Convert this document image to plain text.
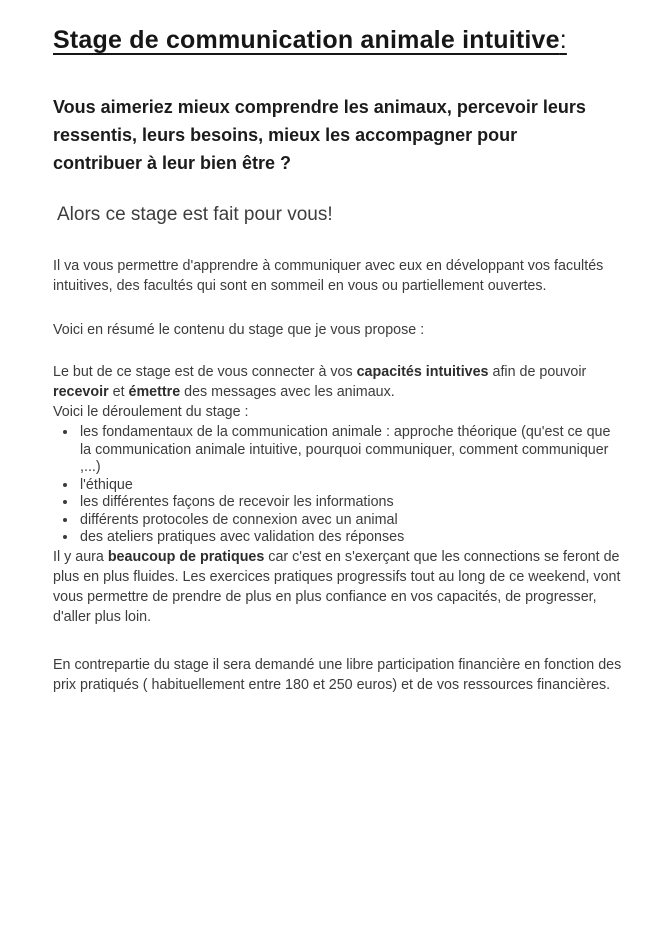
Stage de communication animale intuitive:

Vous aimeriez mieux comprendre les animaux, percevoir leurs ressentis, leurs besoins, mieux les accompagner pour contribuer à leur bien être ?

Alors ce stage est fait pour vous!

Il va vous permettre d'apprendre à communiquer avec eux en développant vos facultés intuitives, des facultés qui sont en sommeil en vous ou partiellement ouvertes.

Voici en résumé le contenu du stage que je vous propose :

Le but de ce stage est de vous connecter à vos capacités intuitives afin de pouvoir recevoir et émettre des messages avec les animaux.

Voici le déroulement du stage :

• les fondamentaux de la communication animale : approche théorique (qu'est ce que la communication animale intuitive, pourquoi communiquer, comment communiquer ,...)
• l'éthique
• les différentes façons de recevoir les informations
• différents protocoles de connexion avec un animal
• des ateliers pratiques avec validation des réponses

Il y aura beaucoup de pratiques car c'est en s'exerçant que les connections se feront de plus en plus fluides. Les exercices pratiques progressifs tout au long de ce weekend, vont vous permettre de prendre de plus en plus confiance en vos capacités, de progresser, d'aller plus loin.

En contrepartie du stage il sera demandé une libre participation financière en fonction des prix pratiqués ( habituellement entre 180 et 250 euros) et de vos ressources financières.
